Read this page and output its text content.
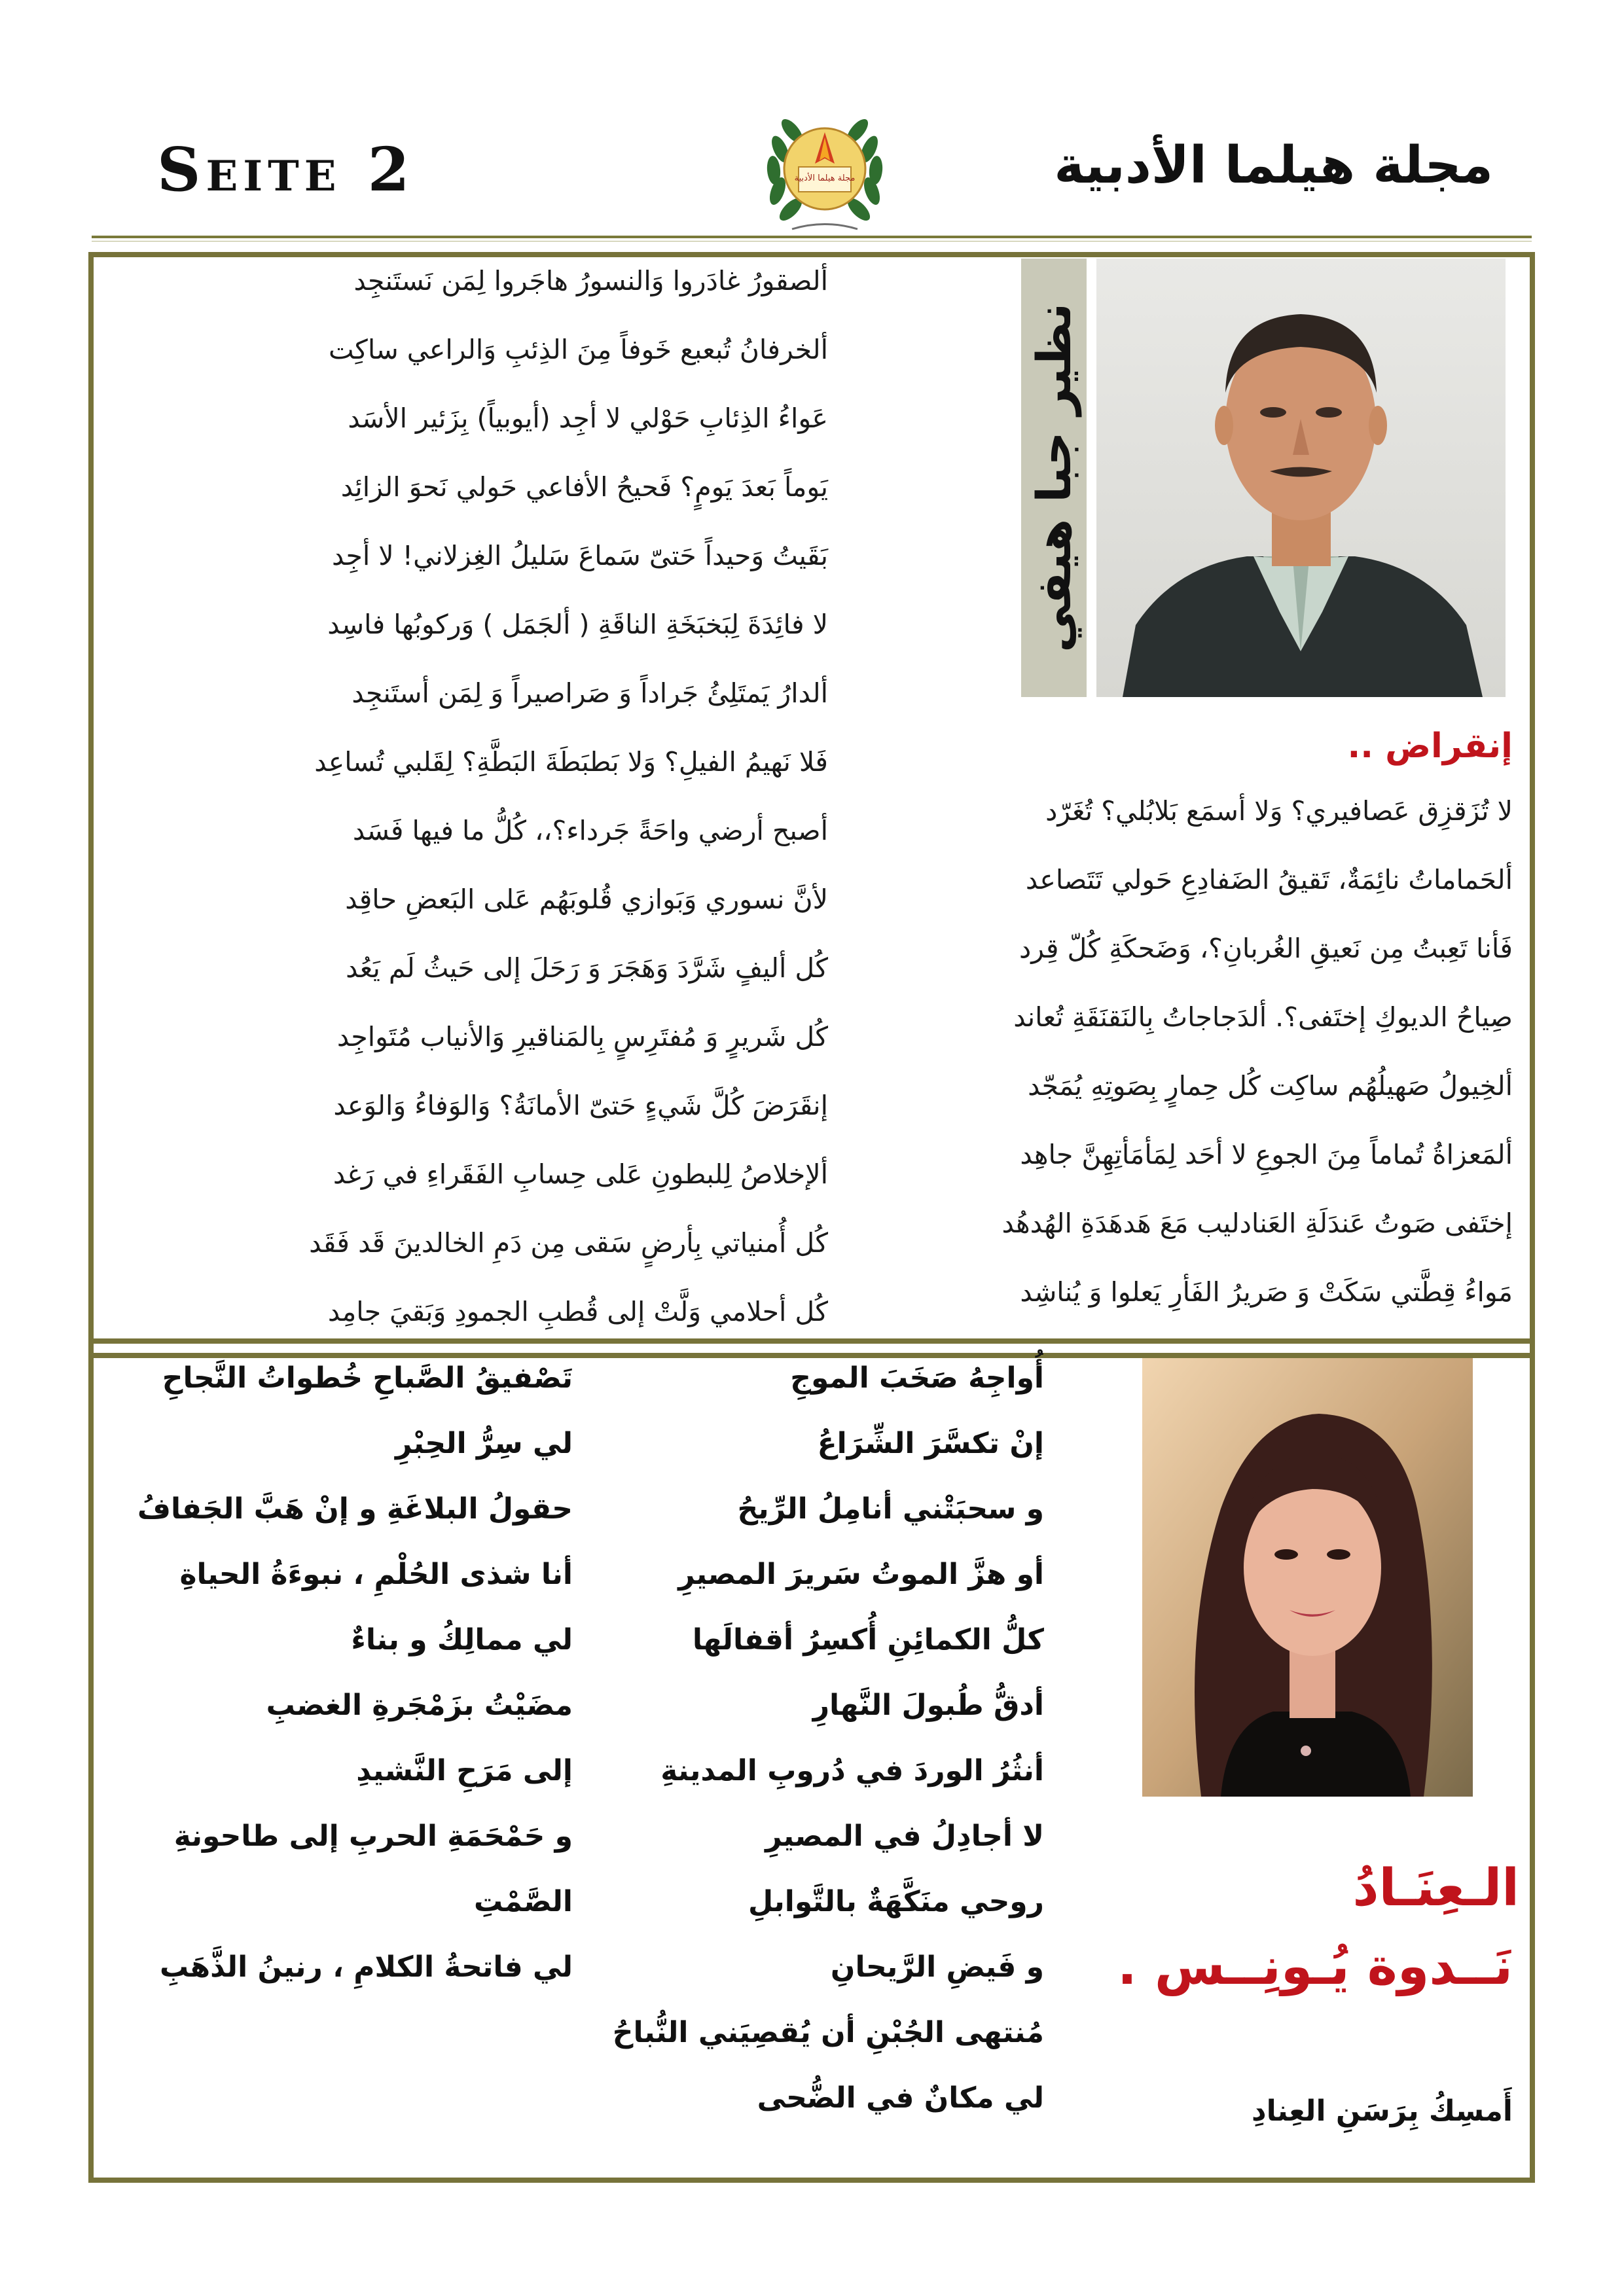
Seite 2	مجلة هيلما الأدبية
مجلة هيلما الأدبية
نظير جبا هيفي
إنقراض ..
لا تُزَقزِق عَصافيري؟ وَلا أسمَع بَلابُلي؟ تُغَرّد
ألحَماماتُ نائِمَةٌ، تَقيقُ الضَفادِعِ حَولي تَتَصاعد
فَأنا تَعِبتُ مِن نَعيقِ الغُربانِ؟، وَضَحكَةِ كُلّ قِرد
صِياحُ الديوكِ إختَفى؟. ألدَجاجاتُ بِالنَقنَقَةِ تُعاند
ألخِيولُ صَهيلُهُم ساكِت كُل حِمارٍ بِصَوتِهِ يُمَجّد
ألمَعزاةُ تُماماً مِنَ الجوعِ لا أحَد لِمَأمَأتِهِنَّ جاهِد
إختَفى صَوتُ عَندَلَةِ العَنادليب مَعَ هَدهَدَةِ الهُدهُد
مَواءُ قِطَّتي سَكَتْ وَ صَريرُ الفَأرِ يَعلوا وَ يُناشِد
ألصقورُ غادَروا وَالنسورُ هاجَروا لِمَن نَستَنجِد
ألخرفانُ تُبعبع خَوفاً مِنَ الذِئبِ وَالراعي ساكِت
عَواءُ الذِئابِ حَوْلي لا أجِد (أيوبياً) بِزَئير الأسَد
يَوماً بَعدَ يَومٍ؟ فَحيحُ الأفاعي حَولي نَحوَ الزائِد
بَقَيتُ وَحيداً حَتىّ سَماعَ سَليلُ الغِزلاني! لا أجِد
لا فائِدَةَ لِبَخبَخَةِ الناقَةِ ( ألجَمَل ) وَركوبُها فاسِد
ألدارُ يَمتَلِئُ جَراداً وَ صَراصيراً وَ لِمَن أستَنجِد
فَلا نَهيمُ الفيلِ؟ وَلا بَطبَطَةَ البَطَّةِ؟ لِقَلبي تُساعِد
أصبح أرضي واحَةً جَرداء؟،، كُلُّ ما فيها فَسَد
لأنَّ نسوري وَبَوازي قُلوبَهُم عَلى البَعضِ حاقِد
كُل أليفٍ شَرَّدَ وَهَجَرَ وَ رَحَلَ إلى حَيثُ لَم يَعُد
كُل شَريرٍ وَ مُفتَرِسٍ بِالمَناقيرِ وَالأنياب مُتَواجِد
إنقَرَضَ كُلَّ شَيءٍ حَتىّ الأمانَةُ؟ وَالوَفاءُ وَالوَعد
ألإخلاصُ لِلبطونِ عَلى حِسابِ الفَقَراءِ في رَغد
كُل أُمنياتي بِأرضٍ سَقى مِن دَمِ الخالدينَ قَد فَقَد
كُل أحلامي وَلَّتْ إلى قُطبِ الجمودِ وَبَقيَ جامِد
الـعِنَـادُ
نَــدوة يُـونِــس .
أَمسِكُ بِرَسَنِ العِنادِ
أُواجِهُ صَخَبَ الموجِ
إنْ تكسَّرَ الشِّرَاعُ
و سحبَتْني أنامِلُ الرِّيحُ
أو هزَّ الموتُ سَريرَ المصيرِ
كلُّ الكمائِنِ أُكسِرُ أقفالَها
أدقُّ طُبولَ النَّهارِ
أنثُرُ الوردَ في دُروبِ المدينةِ
لا أجادِلُ في المصيرِ
روحي منَكَّهَةٌ بالتَّوابلِ
و فَيضِ الرَّيحانِ
مُنتهى الجُبْنِ أن يُقصِيَني النُّباحُ
لي مكانٌ في الضُّحى
تَصْفيقُ الصَّباحِ خُطواتُ النَّجاحِ
لي سِرُّ الحِبْرِ
حقولُ البلاغَةِ و إنْ هَبَّ الجَفافُ
أنا شذى الحُلْمِ ، نبوءَةُ الحياةِ
لي ممالِكُ و بناءٌ
مضَيْتُ بزَمْجَرةِ الغضبِ
إلى مَرَحِ النَّشيدِ
و حَمْحَمَةِ الحربِ إلى طاحونةِ
الصَّمْتِ
لي فاتحةُ الكلامِ ، رنينُ الذَّهَبِ
